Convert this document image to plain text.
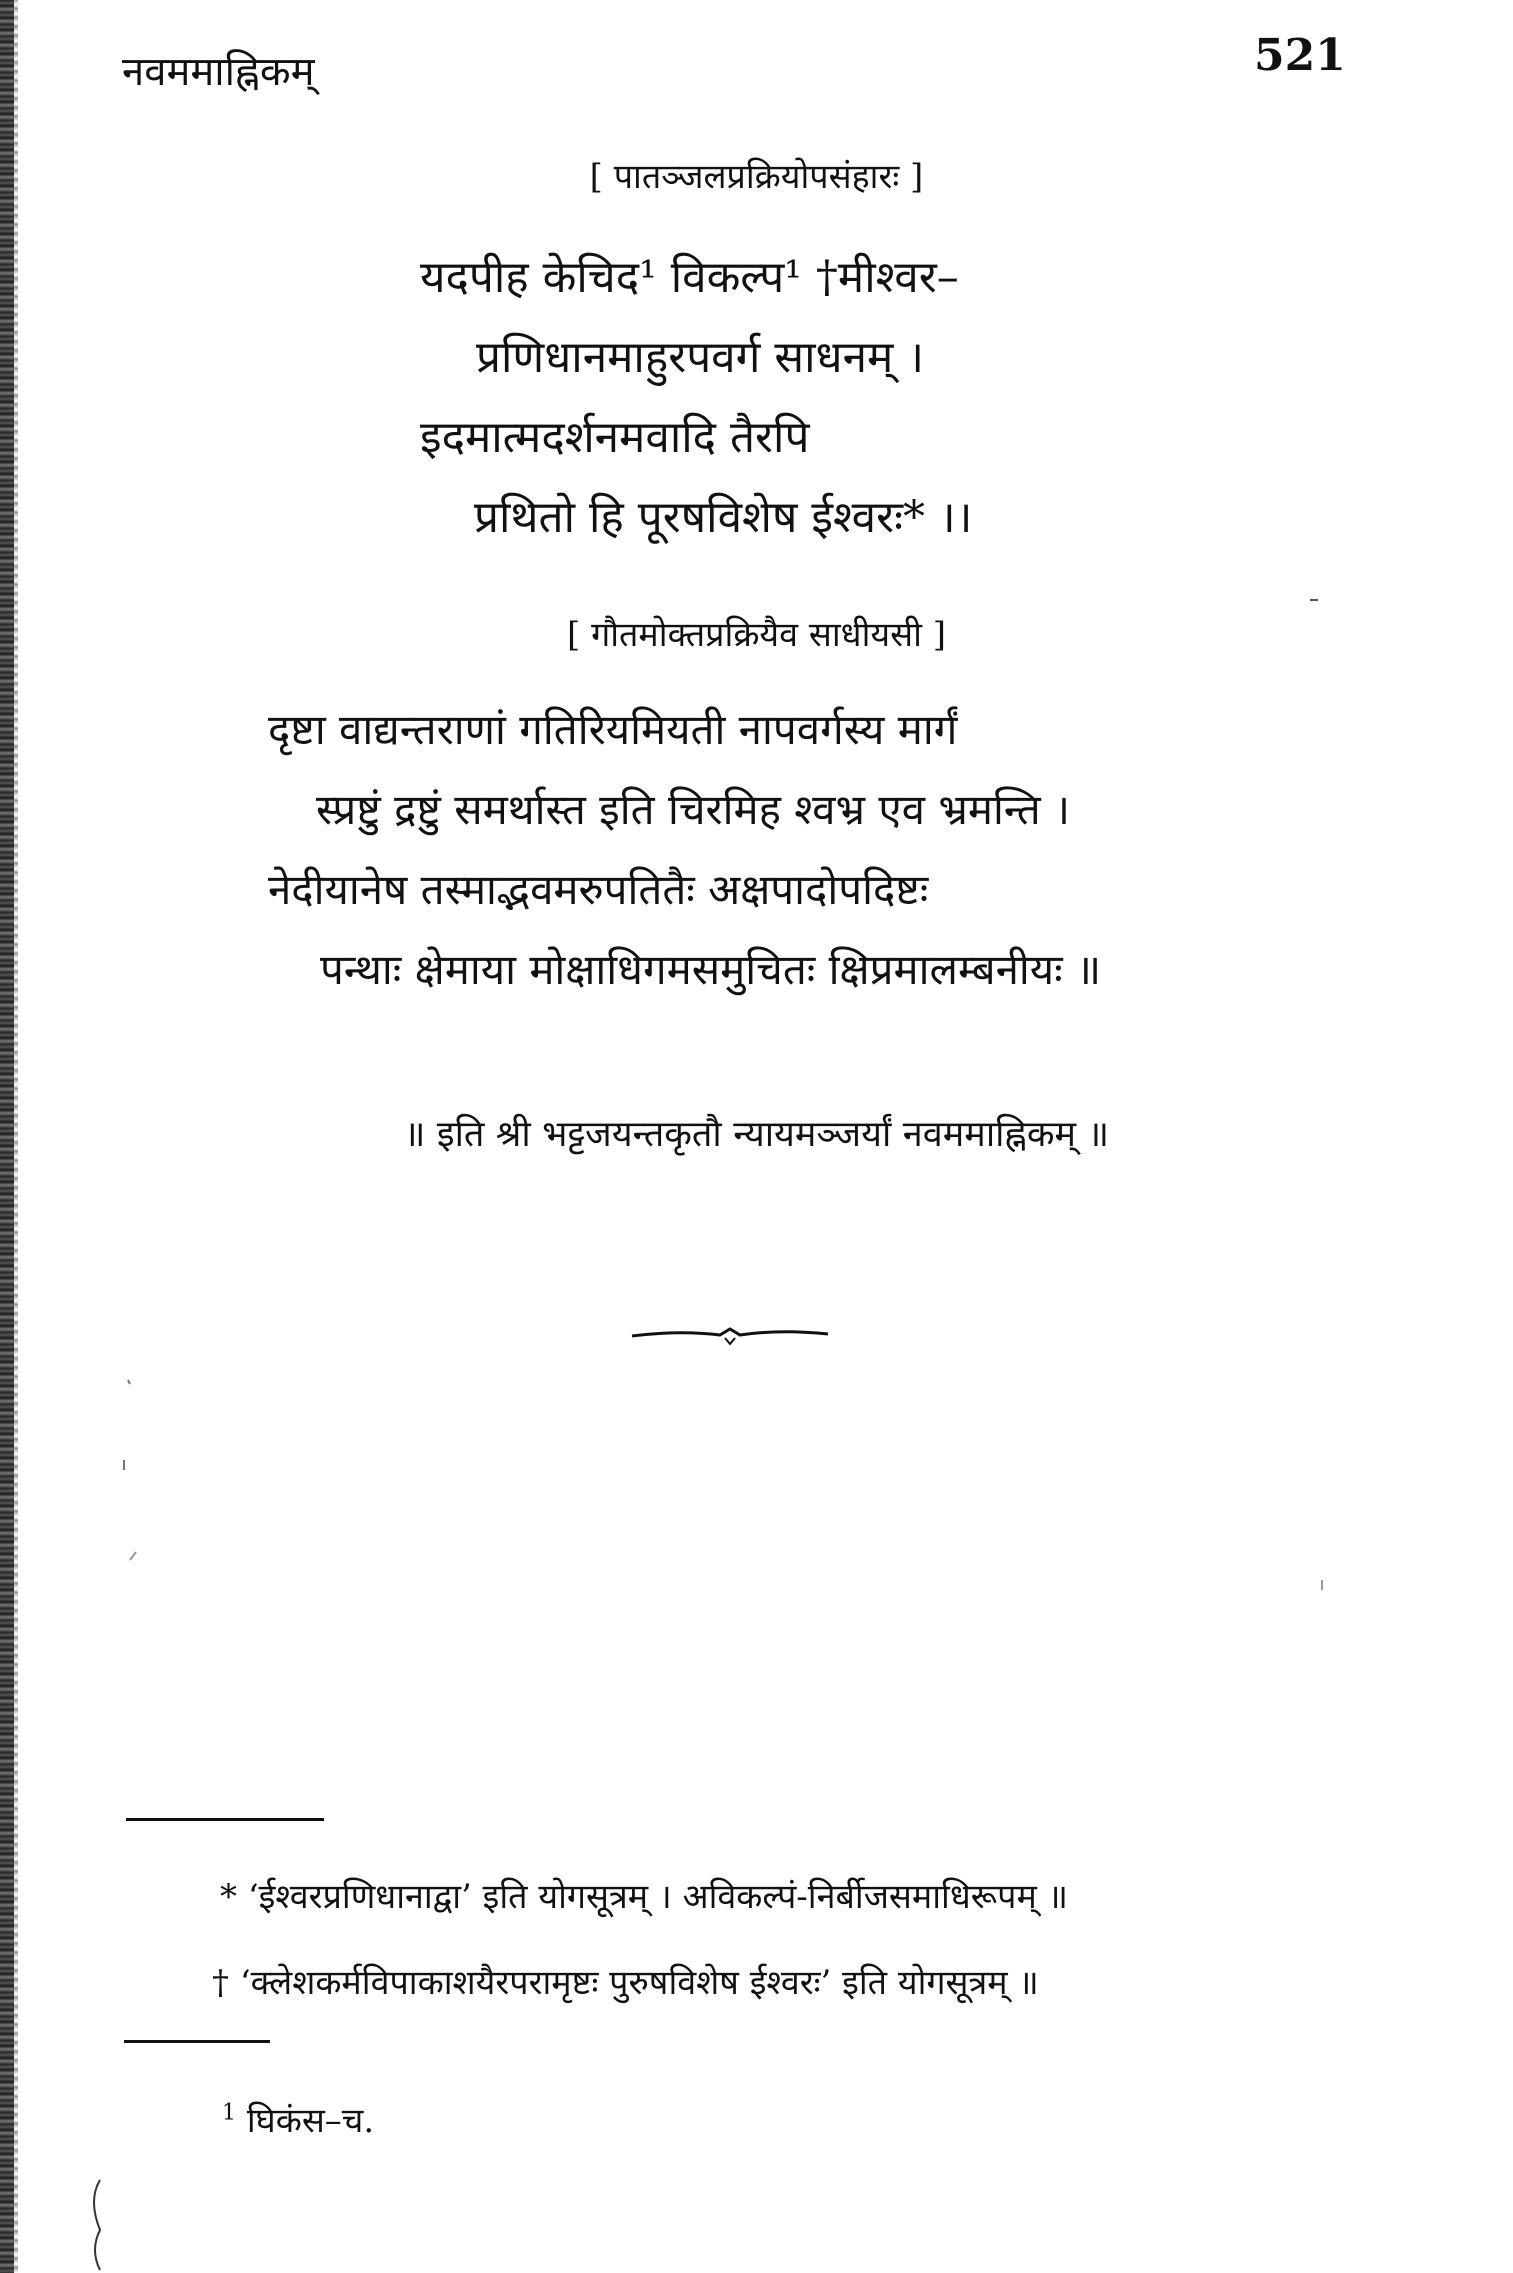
नवममाह्निकम्	521
[ पातञ्जलप्रक्रियोपसंहारः ]
यदपीह केचिद¹ विकल्प¹ †मीश्वर–
प्रणिधानमाहुरपवर्ग साधनम् ।
इदमात्मदर्शनमवादि तैरपि
प्रथितो हि पूरषविशेष ईश्वरः* ।।
[ गौतमोक्तप्रक्रियैव साधीयसी ]
दृष्टा वाद्यन्तराणां गतिरियमियती नापवर्गस्य मार्गं
स्प्रष्टुं द्रष्टुं समर्थास्त इति चिरमिह श्वभ्र एव भ्रमन्ति ।
नेदीयानेष तस्माद्भवमरुपतितैः अक्षपादोपदिष्टः
पन्थाः क्षेमाया मोक्षाधिगमसमुचितः क्षिप्रमालम्बनीयः ॥
॥ इति श्री भट्टजयन्तकृतौ न्यायमञ्जर्यां नवममाह्निकम् ॥
* ‘ईश्वरप्रणिधानाद्वा’ इति योगसूत्रम् । अविकल्पं-निर्बीजसमाधिरूपम् ॥
† ‘क्लेशकर्मविपाकाशयैरपरामृष्टः पुरुषविशेष ईश्वरः’ इति योगसूत्रम् ॥
$^1$ घिकंस–च.
